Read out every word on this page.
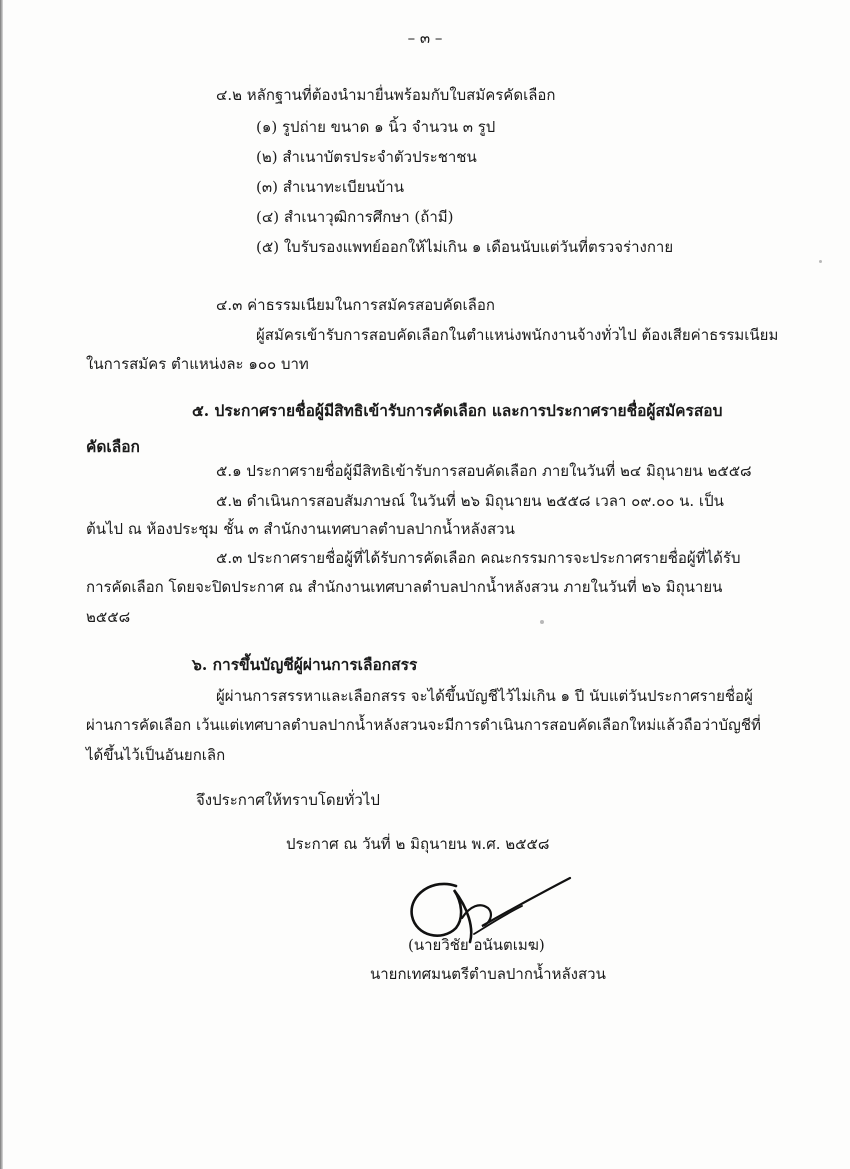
– ๓ –
๔.๒ หลักฐานที่ต้องนำมายื่นพร้อมกับใบสมัครคัดเลือก
(๑) รูปถ่าย ขนาด ๑ นิ้ว จำนวน ๓ รูป
(๒) สำเนาบัตรประจำตัวประชาชน
(๓) สำเนาทะเบียนบ้าน
(๔) สำเนาวุฒิการศึกษา (ถ้ามี)
(๕) ใบรับรองแพทย์ออกให้ไม่เกิน ๑ เดือนนับแต่วันที่ตรวจร่างกาย
๔.๓ ค่าธรรมเนียมในการสมัครสอบคัดเลือก
ผู้สมัครเข้ารับการสอบคัดเลือกในตำแหน่งพนักงานจ้างทั่วไป ต้องเสียค่าธรรมเนียม
ในการสมัคร ตำแหน่งละ ๑๐๐ บาท
๕. ประกาศรายชื่อผู้มีสิทธิเข้ารับการคัดเลือก และการประกาศรายชื่อผู้สมัครสอบ
คัดเลือก
๕.๑ ประกาศรายชื่อผู้มีสิทธิเข้ารับการสอบคัดเลือก ภายในวันที่ ๒๔ มิถุนายน ๒๕๕๘
๕.๒ ดำเนินการสอบสัมภาษณ์ ในวันที่ ๒๖ มิถุนายน ๒๕๕๘ เวลา ๐๙.๐๐ น. เป็น
ต้นไป ณ ห้องประชุม ชั้น ๓ สำนักงานเทศบาลตำบลปากน้ำหลังสวน
๕.๓ ประกาศรายชื่อผู้ที่ได้รับการคัดเลือก คณะกรรมการจะประกาศรายชื่อผู้ที่ได้รับ
การคัดเลือก โดยจะปิดประกาศ ณ สำนักงานเทศบาลตำบลปากน้ำหลังสวน ภายในวันที่ ๒๖ มิถุนายน
๒๕๕๘
๖. การขึ้นบัญชีผู้ผ่านการเลือกสรร
ผู้ผ่านการสรรหาและเลือกสรร จะได้ขึ้นบัญชีไว้ไม่เกิน ๑ ปี นับแต่วันประกาศรายชื่อผู้
ผ่านการคัดเลือก เว้นแต่เทศบาลตำบลปากน้ำหลังสวนจะมีการดำเนินการสอบคัดเลือกใหม่แล้วถือว่าบัญชีที่
ได้ขึ้นไว้เป็นอันยกเลิก
จึงประกาศให้ทราบโดยทั่วไป
ประกาศ ณ วันที่ ๒ มิถุนายน พ.ศ. ๒๕๕๘
(นายวิชัย อนันตเมฆ)
นายกเทศมนตรีตำบลปากน้ำหลังสวน
